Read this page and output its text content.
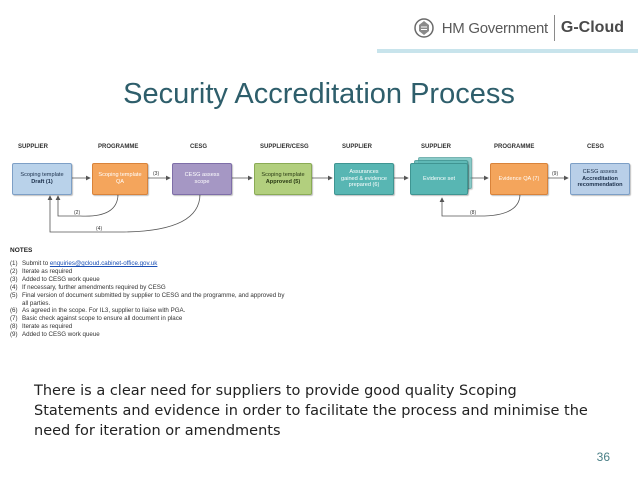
HM Government G-Cloud
Security Accreditation Process
SUPPLIER	PROGRAMME	CESG	SUPPLIER/CESG	SUPPLIER	SUPPLIER	PROGRAMME	CESG
Scoping template
Draft (1)
Scoping template
QA
CESG assess
scope
Scoping template
Approved (5)
Assurances
gained & evidence
prepared (6)
Evidence set	Evidence QA (7)
CESG assess
Accreditation
recommendation
(3)
(2)
(4)
(9)
(8)
NOTES
(1) Submit to enquiries@gcloud.cabinet-office.gov.uk
(2) Iterate as required
(3) Added to CESG work queue
(4) If necessary, further amendments required by CESG
(5) Final version of document submitted by supplier to CESG and the programme, and approved by
all parties.
(6) As agreed in the scope. For IL3, supplier to liaise with PGA.
(7) Basic check against scope to ensure all document in place
(8) Iterate as required
(9) Added to CESG work queue
There is a clear need for suppliers to provide good quality Scoping Statements and evidence in order to facilitate the process and minimise the need for iteration or amendments
36
